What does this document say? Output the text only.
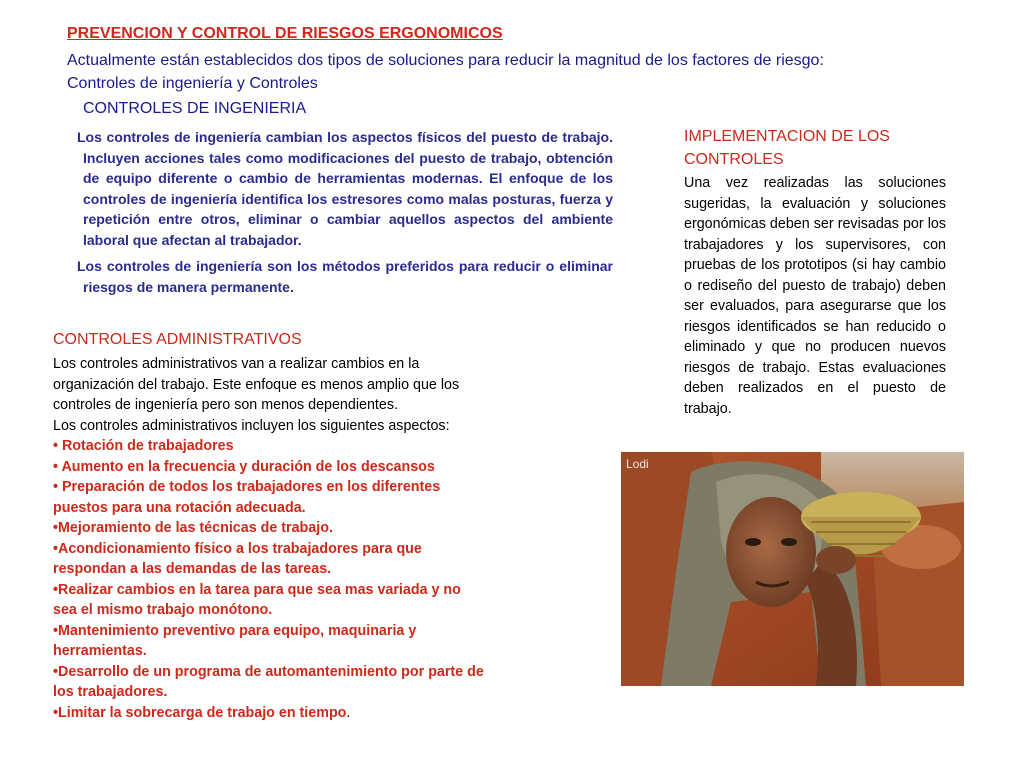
PREVENCION Y CONTROL DE RIESGOS ERGONOMICOS
Actualmente están establecidos dos tipos de soluciones para reducir la magnitud de los factores de riesgo: Controles de ingeniería y Controles
CONTROLES DE INGENIERIA

Los controles de ingeniería cambian los aspectos físicos del puesto de trabajo. Incluyen acciones tales como modificaciones del puesto de trabajo, obtención de equipo diferente o cambio de herramientas modernas. El enfoque de los controles de ingeniería identifica los estresores como malas posturas, fuerza y repetición entre otros, eliminar o cambiar aquellos aspectos del ambiente laboral que afectan al trabajador.

Los controles de ingeniería son los métodos preferidos para reducir o eliminar riesgos de manera permanente.

IMPLEMENTACION DE LOS CONTROLES
Una vez realizadas las soluciones sugeridas, la evaluación y soluciones ergonómicas deben ser revisadas por los trabajadores y los supervisores, con pruebas de los prototipos (si hay cambio o rediseño del puesto de trabajo) deben ser evaluados, para asegurarse que los riesgos identificados se han reducido o eliminado y que no producen nuevos riesgos de trabajo. Estas evaluaciones deben realizados en el puesto de trabajo.
CONTROLES ADMINISTRATIVOS
Los controles administrativos van a realizar cambios en la
organización del trabajo. Este enfoque es menos amplio que los
controles de ingeniería pero son menos dependientes.
Los controles administrativos incluyen los siguientes aspectos:
• Rotación de trabajadores
• Aumento en la frecuencia y duración de los descansos
• Preparación de todos los trabajadores en los diferentes
puestos para una rotación adecuada.
•Mejoramiento de las técnicas de trabajo.
•Acondicionamiento físico a los trabajadores para que
respondan a las demandas de las tareas.
•Realizar cambios en la tarea para que sea mas variada y no
sea el mismo trabajo monótono.
•Mantenimiento preventivo para equipo, maquinaria y
herramientas.
•Desarrollo de un programa de automantenimiento por parte de
los trabajadores.
•Limitar la sobrecarga de trabajo en tiempo.
Lodi
